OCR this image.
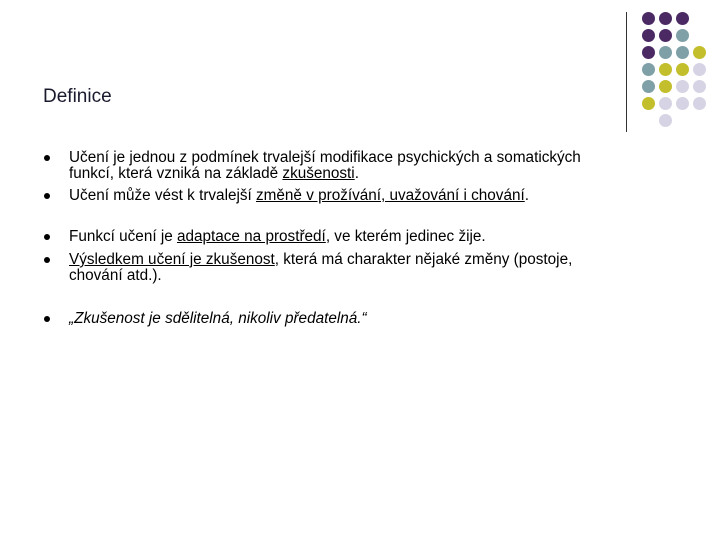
Definice
Učení je jednou z podmínek trvalejší modifikace psychických a somatických
funkcí, která vzniká na základě zkušenosti.
Učení může vést k trvalejší změně v prožívání, uvažování i chování.
Funkcí učení je adaptace na prostředí, ve kterém jedinec žije.
Výsledkem učení je zkušenost, která má charakter nějaké změny (postoje,
chování atd.).
„Zkušenost je sdělitelná, nikoliv předatelná.“
